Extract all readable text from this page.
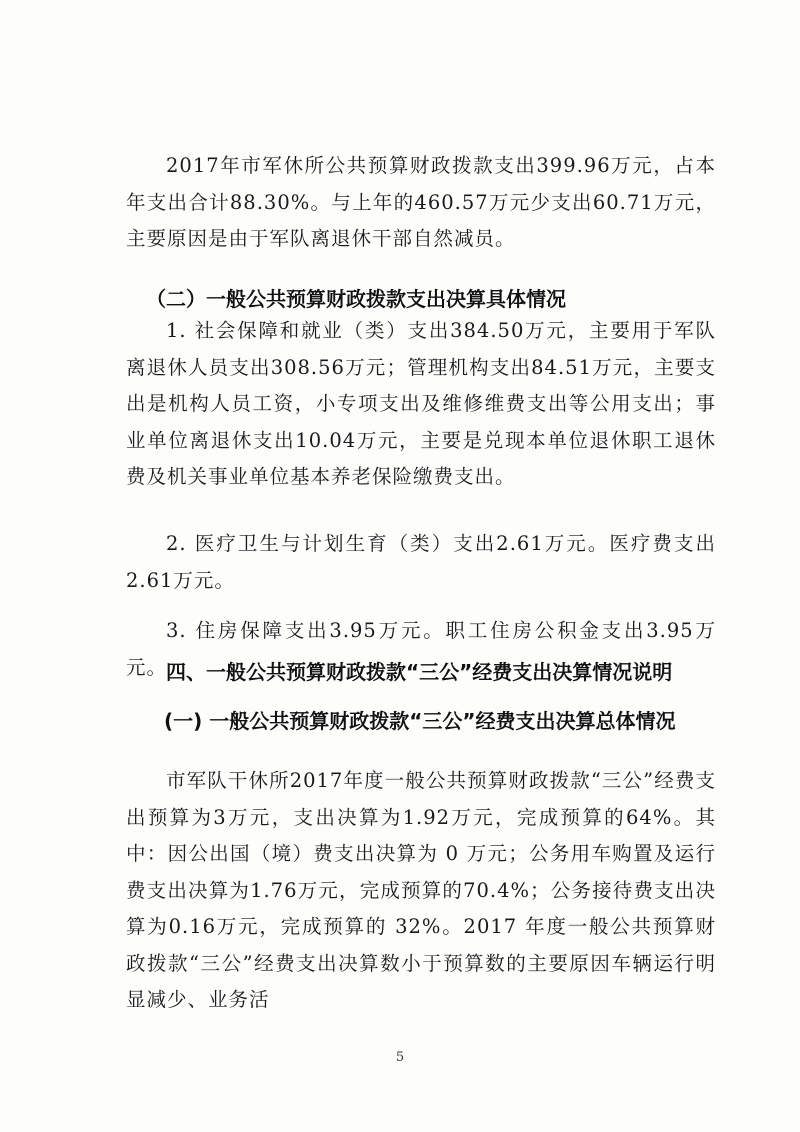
2017年市军休所公共预算财政拨款支出399.96万元，占本年支出合计88.30%。与上年的460.57万元少支出60.71万元，主要原因是由于军队离退休干部自然减员。

（二）一般公共预算财政拨款支出决算具体情况

1. 社会保障和就业（类）支出384.50万元，主要用于军队离退休人员支出308.56万元；管理机构支出84.51万元，主要支出是机构人员工资，小专项支出及维修维费支出等公用支出；事业单位离退休支出10.04万元，主要是兑现本单位退休职工退休费及机关事业单位基本养老保险缴费支出。

2. 医疗卫生与计划生育（类）支出2.61万元。医疗费支出2.61万元。

3. 住房保障支出3.95万元。职工住房公积金支出3.95万元。

四、一般公共预算财政拨款“三公”经费支出决算情况说明
(一) 一般公共预算财政拨款“三公”经费支出决算总体情况

市军队干休所2017年度一般公共预算财政拨款“三公”经费支出预算为3万元，支出决算为1.92万元，完成预算的64%。其中：因公出国（境）费支出决算为 0 万元；公务用车购置及运行费支出决算为1.76万元，完成预算的70.4%；公务接待费支出决算为0.16万元，完成预算的 32%。2017 年度一般公共预算财政拨款“三公”经费支出决算数小于预算数的主要原因车辆运行明显减少、业务活

5
